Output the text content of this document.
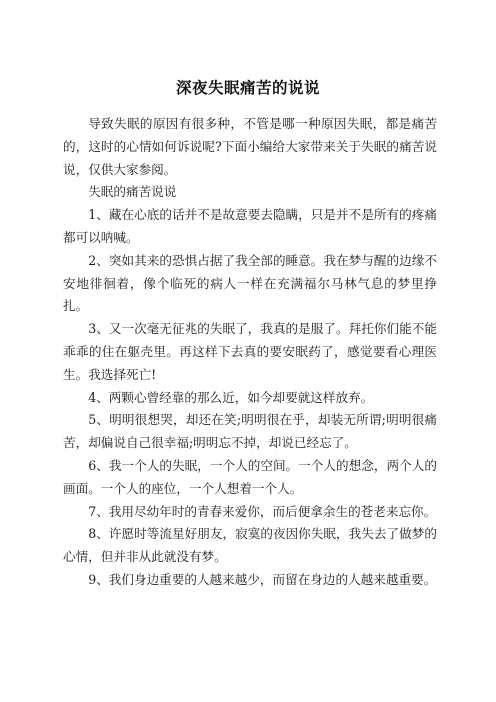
深夜失眠痛苦的说说

导致失眠的原因有很多种，不管是哪一种原因失眠，都是痛苦的，这时的心情如何诉说呢?下面小编给大家带来关于失眠的痛苦说说，仅供大家参阅。

失眠的痛苦说说

1、藏在心底的话并不是故意要去隐瞒，只是并不是所有的疼痛都可以呐喊。

2、突如其来的恐惧占据了我全部的睡意。我在梦与醒的边缘不安地徘徊着，像个临死的病人一样在充满福尔马林气息的梦里挣扎。

3、又一次毫无征兆的失眠了，我真的是服了。拜托你们能不能乖乖的住在躯壳里。再这样下去真的要安眠药了，感觉要看心理医生。我选择死亡!

4、两颗心曾经靠的那么近，如今却要就这样放弃。

5、明明很想哭，却还在笑;明明很在乎，却装无所谓;明明很痛苦，却偏说自己很幸福;明明忘不掉，却说已经忘了。

6、我一个人的失眠，一个人的空间。一个人的想念，两个人的画面。一个人的座位，一个人想着一个人。

7、我用尽幼年时的青春来爱你，而后便拿余生的苍老来忘你。

8、许愿时等流星好朋友，寂寞的夜因你失眠，我失去了做梦的心情，但并非从此就没有梦。

9、我们身边重要的人越来越少，而留在身边的人越来越重要。
